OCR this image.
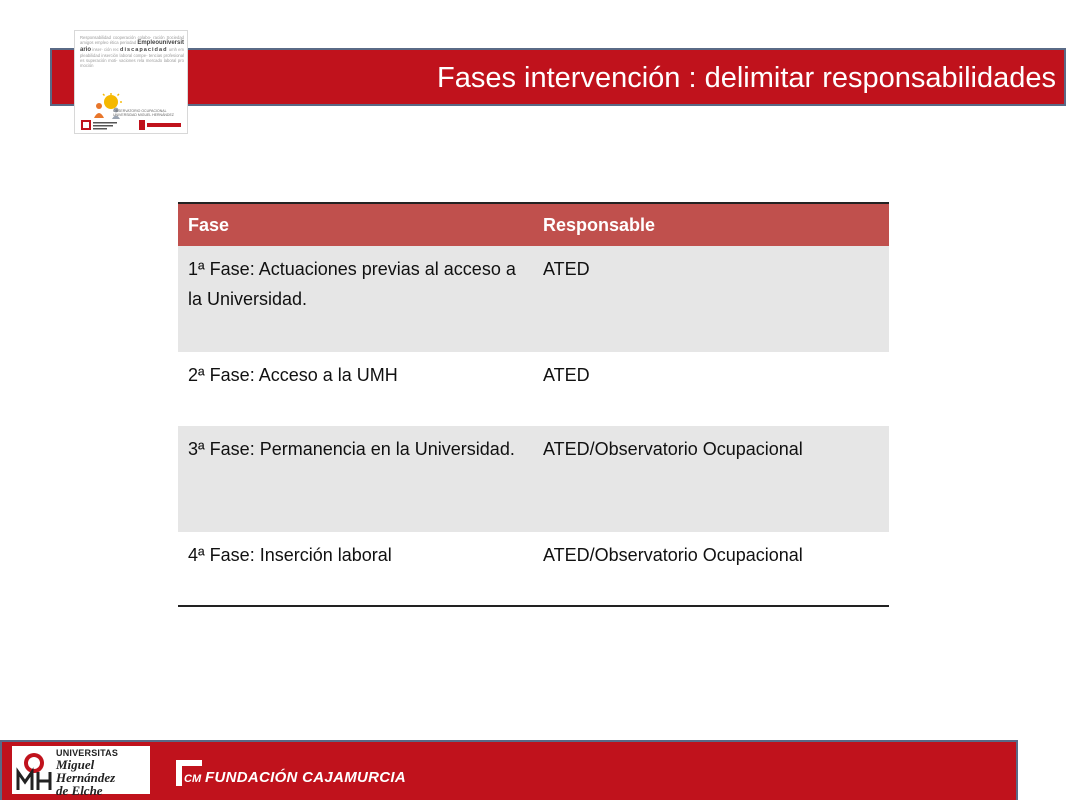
Fases intervención : delimitar responsabilidades
Responsabilidad cooperación colabo- ración Sociedad amigos empleo ética periodad Empleouniversitario inser- ción rec discapacidad umh empleabilidad inserción laboral compe- tencias profesionales superación moti- vaciones rela mercado laboral promoción
OBSERVATORIO OCUPACIONAL UNIVERSIDAD MIGUEL HERNÁNDEZ
Fase	Responsable
1ª Fase: Actuaciones previas al acceso a la Universidad.	ATED
2ª Fase: Acceso a la UMH	ATED
3ª Fase: Permanencia en la Universidad.	ATED/Observatorio Ocupacional
4ª Fase: Inserción laboral	ATED/Observatorio Ocupacional
UNIVERSITAS
Miguel Hernández
de Elche
CM FUNDACIÓN CAJAMURCIA
